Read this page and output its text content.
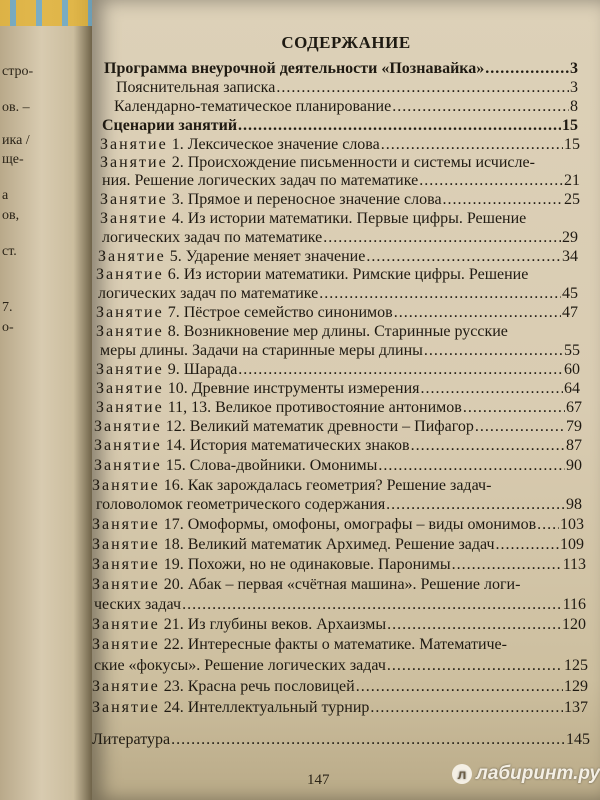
стро-
ов. –
ика /
ще-
а
ов,
ст.
7.
о-
СОДЕРЖАНИЕ
Программа внеурочной деятельности «Познавайка» .....	3
Пояснительная записка .....	3
Календарно-тематическое планирование .....	8
Сценарии занятий .....	15
Занятие 1. Лексическое значение слова .....	15
Занятие 2. Происхождение письменности и системы исчисле-
ния. Решение логических задач по математике .....	21
Занятие 3. Прямое и переносное значение слова .....	25
Занятие 4. Из истории математики. Первые цифры. Решение
логических задач по математике .....	29
Занятие 5. Ударение меняет значение .....	34
Занятие 6. Из истории математики. Римские цифры. Решение
логических задач по математике .....	45
Занятие 7. Пёстрое семейство синонимов .....	47
Занятие 8. Возникновение мер длины. Старинные русские
меры длины. Задачи на старинные меры длины .....	55
Занятие 9. Шарада .....	60
Занятие 10. Древние инструменты измерения .....	64
Занятие 11, 13. Великое противостояние антонимов .....	67
Занятие 12. Великий математик древности – Пифагор .....	79
Занятие 14. История математических знаков .....	87
Занятие 15. Слова-двойники. Омонимы .....	90
Занятие 16. Как зарождалась геометрия? Решение задач-
головоломок геометрического содержания .....	98
Занятие 17. Омоформы, омофоны, омографы – виды омонимов ..... 103
Занятие 18. Великий математик Архимед. Решение задач .....	109
Занятие 19. Похожи, но не одинаковые. Паронимы .....	113
Занятие 20. Абак – первая «счётная машина». Решение логи-
ческих задач .....	116
Занятие 21. Из глубины веков. Архаизмы .....	120
Занятие 22. Интересные факты о математике. Математиче-
ские «фокусы». Решение логических задач .....	125
Занятие 23. Красна речь пословицей .....	129
Занятие 24. Интеллектуальный турнир .....	137
Литература .....	145
147	л лабиринт.ру
